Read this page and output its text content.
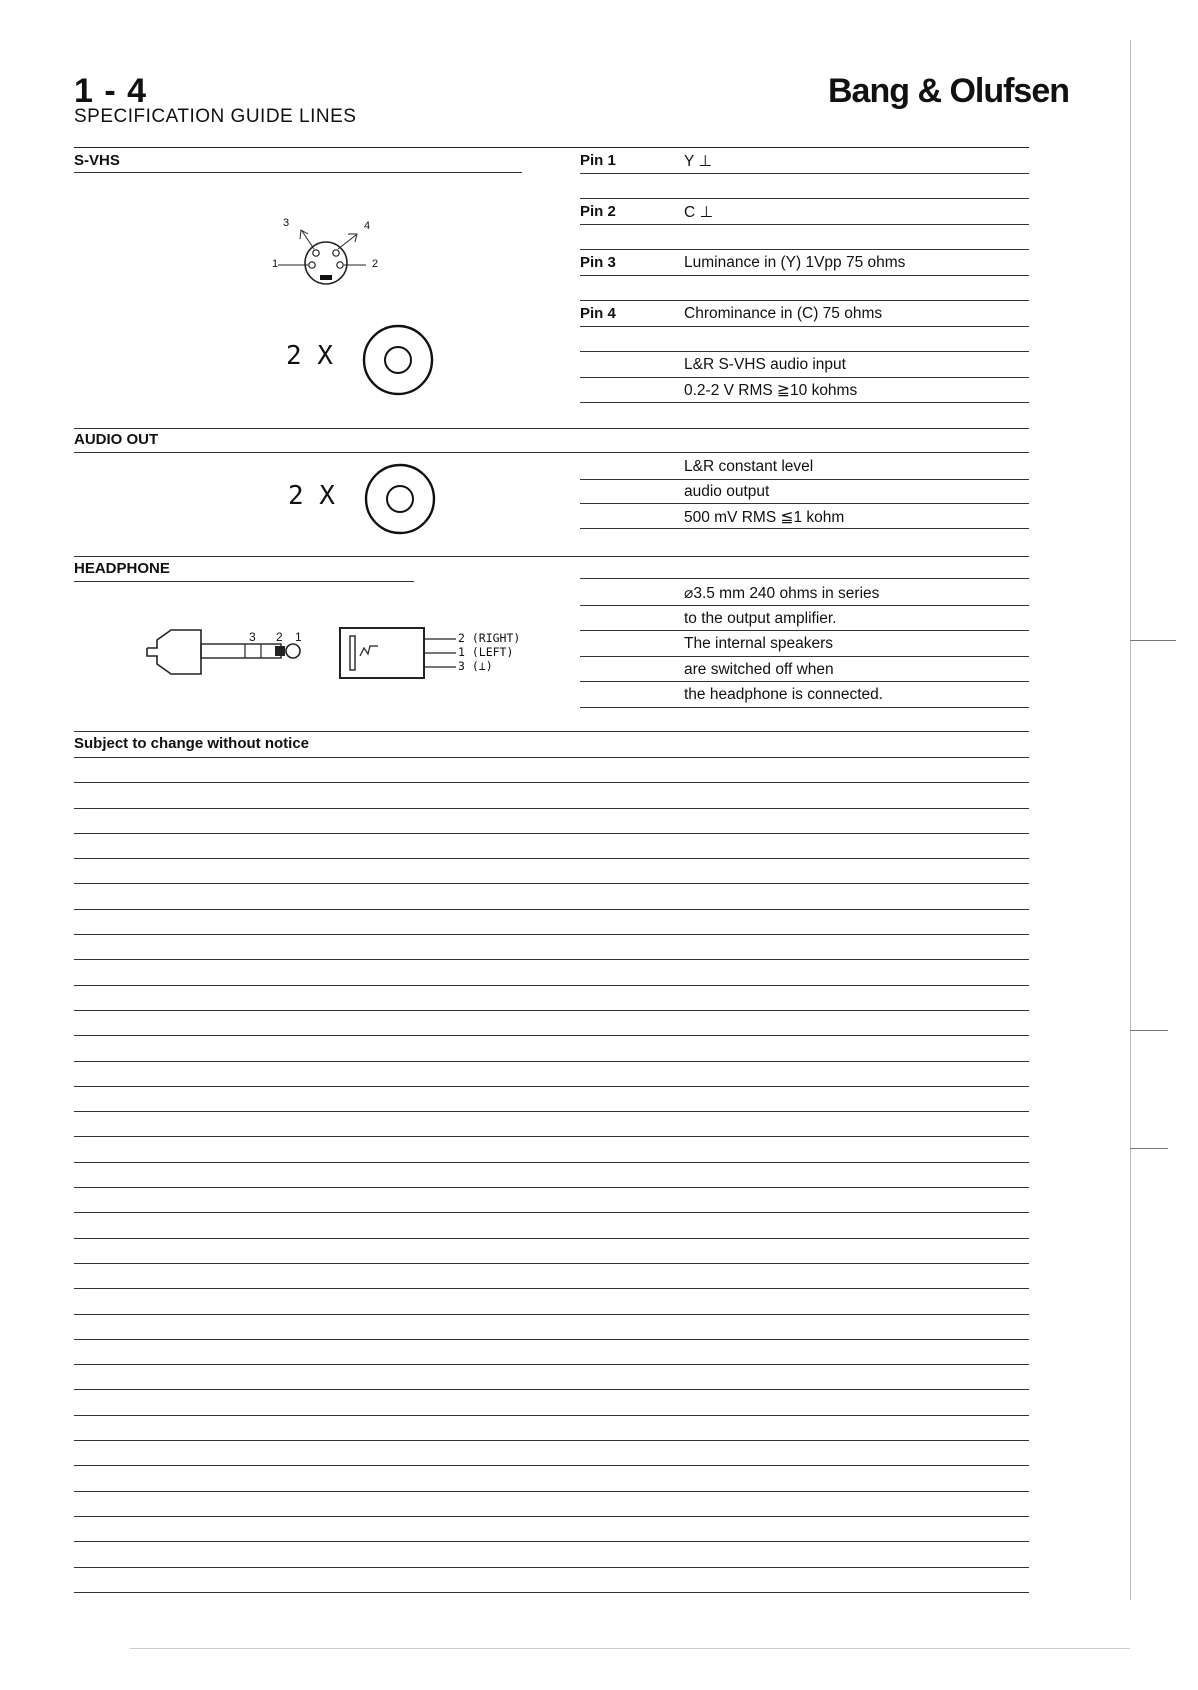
1 - 4
SPECIFICATION GUIDE LINES
Bang & Olufsen
S-VHS	Pin 1	Y ⊥
Pin 2	C ⊥
Pin 3	Luminance in (Y) 1Vpp 75 ohms
Pin 4	Chrominance in (C) 75 ohms
L&R S-VHS audio input
0.2-2 V RMS ≧10 kohms
1	2
3	4
2 X
AUDIO OUT
L&R constant level
audio output
500 mV RMS ≦1 kohm
2 X
HEADPHONE
⌀3.5 mm 240 ohms in series
to the output amplifier.
The internal speakers
are switched off when
the headphone is connected.
3 2 1	2 (RIGHT)
1 (LEFT)
3 (⊥)
Subject to change without notice
